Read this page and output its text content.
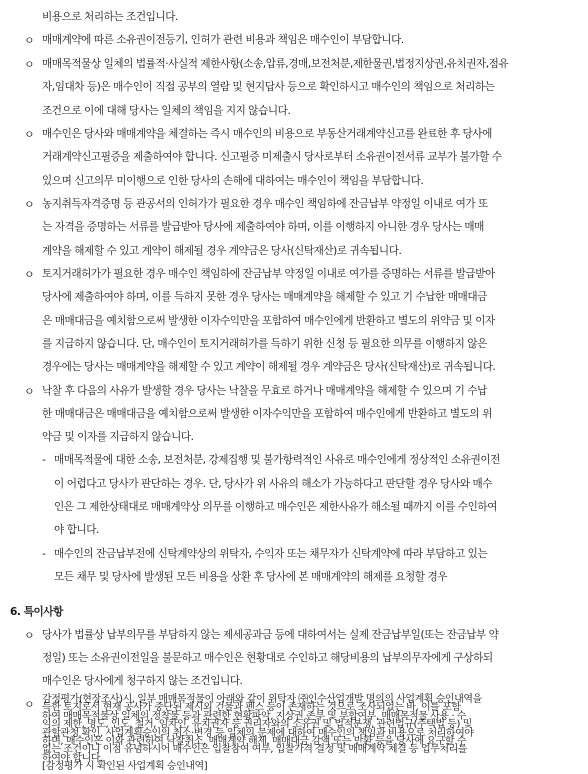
비용으로 처리하는 조건입니다.
ㅇ 매매계약에 따른 소유권이전등기, 인허가 관련 비용과 책임은 매수인이 부담합니다.
ㅇ 매매목적물상 일체의 법률적·사실적 제한사항(소송,압류,경매,보전처분,제한물권,법정지상권,유치권자,점유
자,임대차 등)은 매수인이 직접 공부의 열람 및 현지답사 등으로 확인하시고 매수인의 책임으로 처리하는
조건으로 이에 대해 당사는 일체의 책임을 지지 않습니다.
ㅇ 매수인은 당사와 매매계약을 체결하는 즉시 매수인의 비용으로 부동산거래계약신고를 완료한 후 당사에
거래계약신고필증을 제출하여야 합니다. 신고필증 미제출시 당사로부터 소유권이전서류 교부가 불가할 수
있으며 신고의무 미이행으로 인한 당사의 손해에 대하여는 매수인이 책임을 부담합니다.
ㅇ 농지취득자격증명 등 관공서의 인허가가 필요한 경우 매수인 책임하에 잔금납부 약정일 이내로 여가 또
는 자격을 증명하는 서류를 발급받아 당사에 제출하여야 하며, 이를 이행하지 아니한 경우 당사는 매매
계약을 해제할 수 있고 계약이 해제될 경우 계약금은 당사(신탁재산)로 귀속됩니다.
ㅇ 토지거래허가가 필요한 경우 매수인 책임하에 잔금납부 약정일 이내로 여가를 증명하는 서류를 발급받아
당사에 제출하여야 하며, 이를 득하지 못한 경우 당사는 매매계약을 해제할 수 있고 기 수납한 매매대금
은 매매대금을 예치함으로써 발생한 이자수익만을 포함하여 매수인에게 반환하고 별도의 위약금 및 이자
를 지급하지 않습니다. 단, 매수인이 토지거래허가를 득하기 위한 신청 등 필요한 의무를 이행하지 않은
경우에는 당사는 매매계약을 해제할 수 있고 계약이 해제될 경우 계약금은 당사(신탁재산)로 귀속됩니다.
ㅇ 낙찰 후 다음의 사유가 발생할 경우 당사는 낙찰을 무효로 하거나 매매계약을 해제할 수 있으며 기 수납
한 매매대금은 매매대금을 예치함으로써 발생한 이자수익만을 포함하여 매수인에게 반환하고 별도의 위
약금 및 이자를 지급하지 않습니다.
- 매매목적물에 대한 소송, 보전처분, 강제집행 및 불가항력적인 사유로 매수인에게 정상적인 소유권이전
이 어렵다고 당사가 판단하는 경우. 단, 당사가 위 사유의 해소가 가능하다고 판단할 경우 당사와 매수
인은 그 제한상태대로 매매계약상 의무를 이행하고 매수인은 제한사유가 해소될 때까지 이를 수인하여
야 합니다.
- 매수인의 잔금납부전에 신탁계약상의 위탁자, 수익자 또는 채무자가 신탁계약에 따라 부담하고 있는
모든 채무 및 당사에 발생된 모든 비용을 상환 후 당사에 본 매매계약의 해제를 요청할 경우
6. 특이사항
ㅇ 당사가 법률상 납부의무를 부담하지 않는 제세공과금 등에 대하여서는 실제 잔금납부일(또는 잔금납부 약
정일) 또는 소유권이전일을 불문하고 매수인은 현황대로 수인하고 해당비용의 납부의무자에게 구상하되
매수인은 당사에게 청구하지 않는 조건입니다.
ㅇ 감정평가(현장조사)시, 일부 매매목적물이 아래와 같이 위탁자 ㈜인수산업개발 명의의 사업계획 승인내역을
득한 토지로서 현재 공사가 중단된 제시외 건물과 펜스 등이 존재하는 것으로 조사되었는 바, 이를 포함
하여 매매목적물상 일체의 정착물 등과 관련한 현황파악, 지상권 존부 및 부합여부, 매매목적물 사용 · 수
익의 제한, 명도, 인도, 철거, 임차인, 유치권자 등 권리자와의 소유권 및 법적분쟁, 관련법규(주택법 등) 및
관할관청 확인, 사업계획승인의 취소·변경 등 일체의 문제에 대하여 매수인의 책임과 비용으로 처리하여야
하며, 매수인은 이와 관련하여 낙찰취소, 매매계약 해제, 매매대금 감액 또는 반환 등을 당사에 요구할 수
없는 조건이니 이점 유념하시어 매수인은 입찰참여 여부, 입찰가격 결정 및 매매계약 체결 등 업무처리를
하여야 합니다.
[감정평가 시 확인된 사업계획 승인내역]
